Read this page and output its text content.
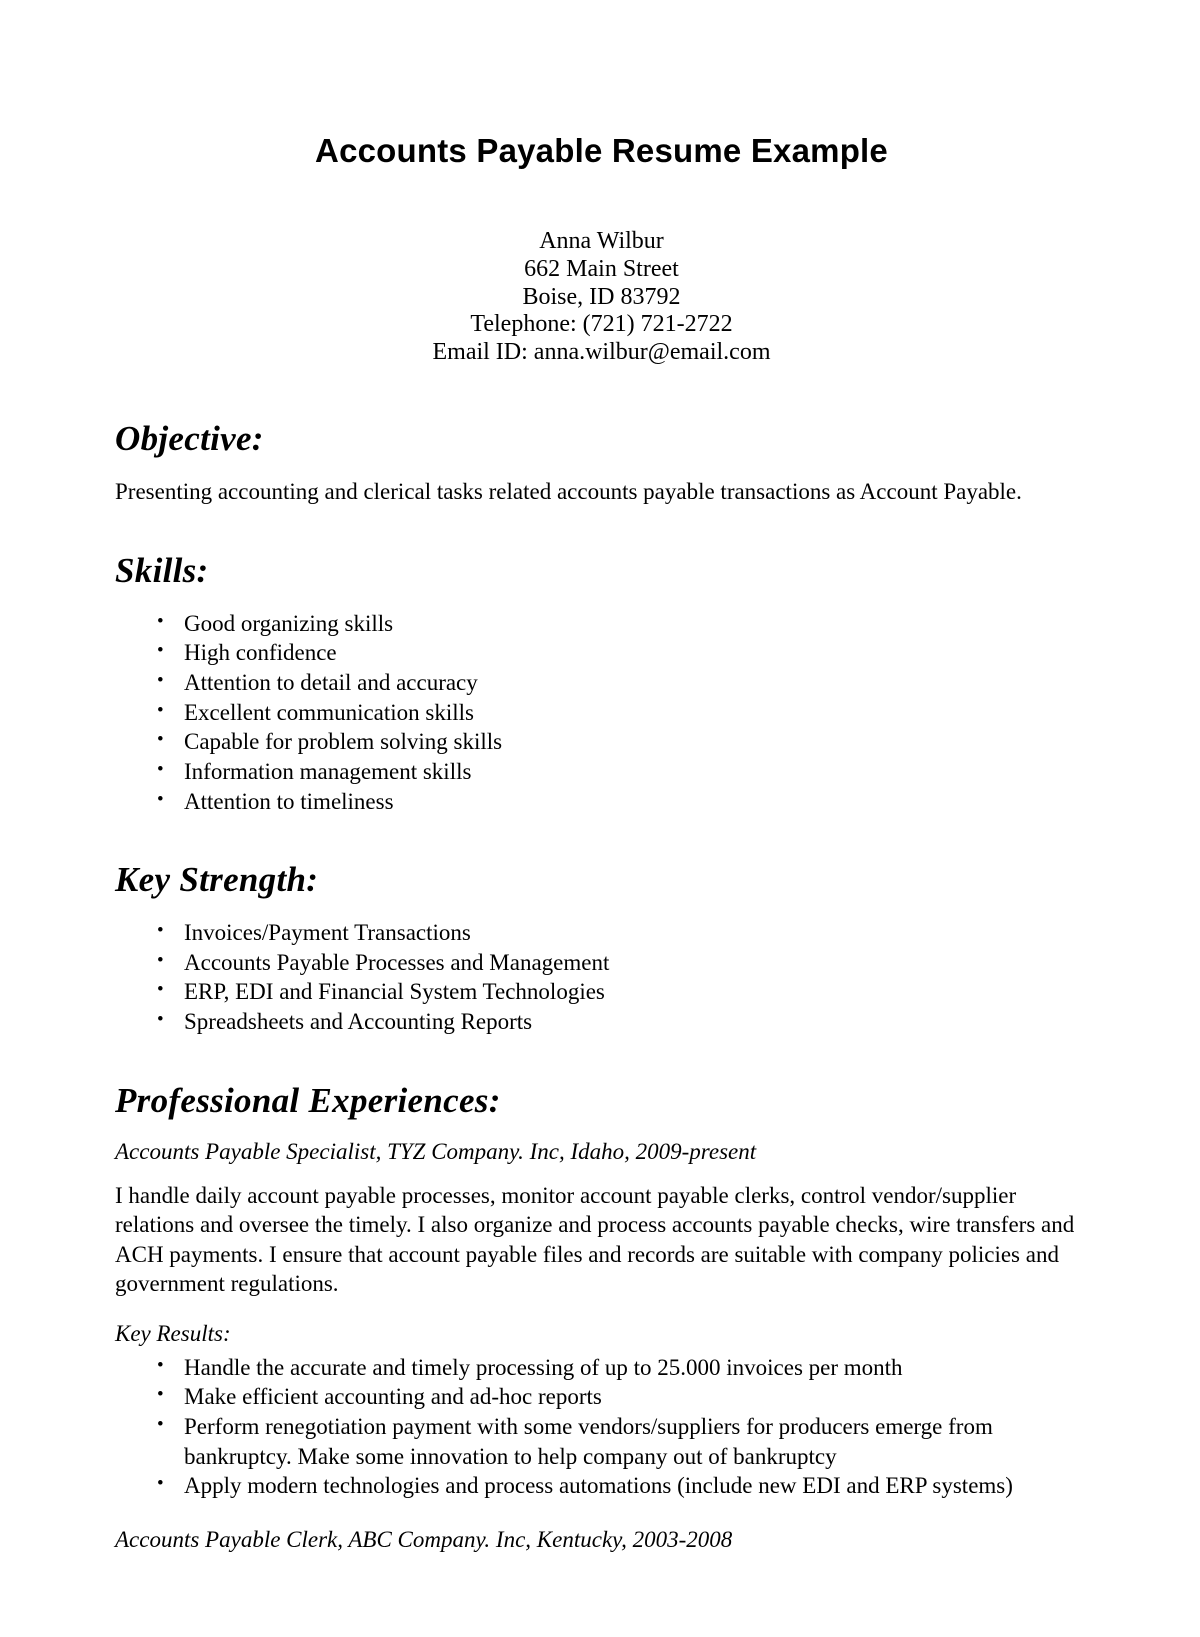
Accounts Payable Resume Example
Anna Wilbur
662 Main Street
Boise, ID 83792
Telephone: (721) 721-2722
Email ID: anna.wilbur@email.com
Objective:

Presenting accounting and clerical tasks related accounts payable transactions as Account Payable.

Skills:
• Good organizing skills
• High confidence
• Attention to detail and accuracy
• Excellent communication skills
• Capable for problem solving skills
• Information management skills
• Attention to timeliness
Key Strength:
• Invoices/Payment Transactions
• Accounts Payable Processes and Management
• ERP, EDI and Financial System Technologies
• Spreadsheets and Accounting Reports
Professional Experiences:

Accounts Payable Specialist, TYZ Company. Inc, Idaho, 2009-present

I handle daily account payable processes, monitor account payable clerks, control vendor/supplier relations and oversee the timely. I also organize and process accounts payable checks, wire transfers and ACH payments. I ensure that account payable files and records are suitable with company policies and government regulations.

Key Results:

• Handle the accurate and timely processing of up to 25.000 invoices per month
• Make efficient accounting and ad-hoc reports
• Perform renegotiation payment with some vendors/suppliers for producers emerge from bankruptcy. Make some innovation to help company out of bankruptcy
• Apply modern technologies and process automations (include new EDI and ERP systems)

Accounts Payable Clerk, ABC Company. Inc, Kentucky, 2003-2008
